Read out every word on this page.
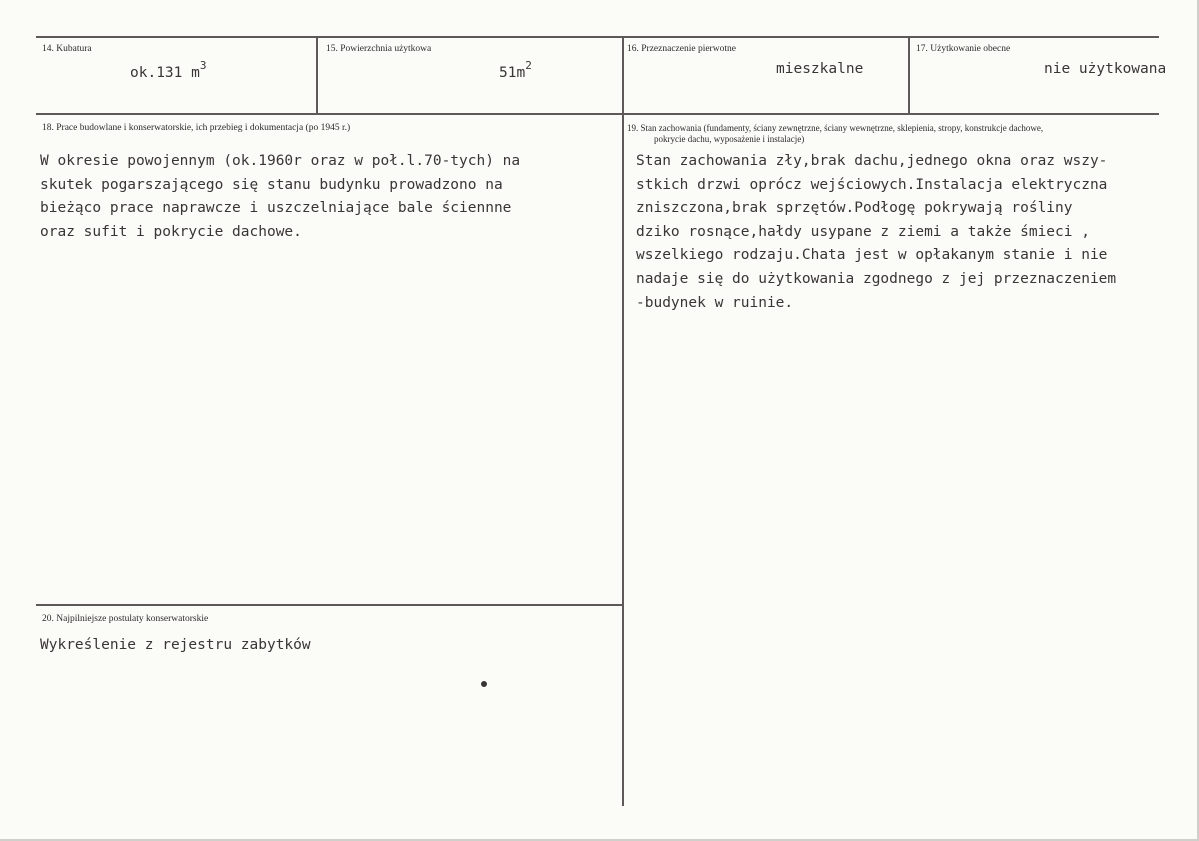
14. Kubatura
ok.131 $m^3$
15. Powierzchnia użytkowa
$51m^2$
16. Przeznaczenie pierwotne
mieszkalne
17. Użytkowanie obecne
nie użytkowana
18. Prace budowlane i konserwatorskie, ich przebieg i dokumentacja (po 1945 r.)
W okresie powojennym (ok.1960r oraz w poł.l.70-tych) na
skutek pogarszającego się stanu budynku prowadzono na
bieżąco prace naprawcze i uszczelniające bale ściennne
oraz sufit i pokrycie dachowe.
19. Stan zachowania (fundamenty, ściany zewnętrzne, ściany wewnętrzne, sklepienia, stropy, konstrukcje dachowe,
pokrycie dachu, wyposażenie i instalacje)
Stan zachowania zły,brak dachu,jednego okna oraz wszy-
stkich drzwi oprócz wejściowych.Instalacja elektryczna
zniszczona,brak sprzętów.Podłogę pokrywają rośliny
dziko rosnące,hałdy usypane z ziemi a także śmieci ,
wszelkiego rodzaju.Chata jest w opłakanym stanie i nie
nadaje się do użytkowania zgodnego z jej przeznaczeniem
-budynek w ruinie.
20. Najpilniejsze postulaty konserwatorskie
Wykreślenie z rejestru zabytków
